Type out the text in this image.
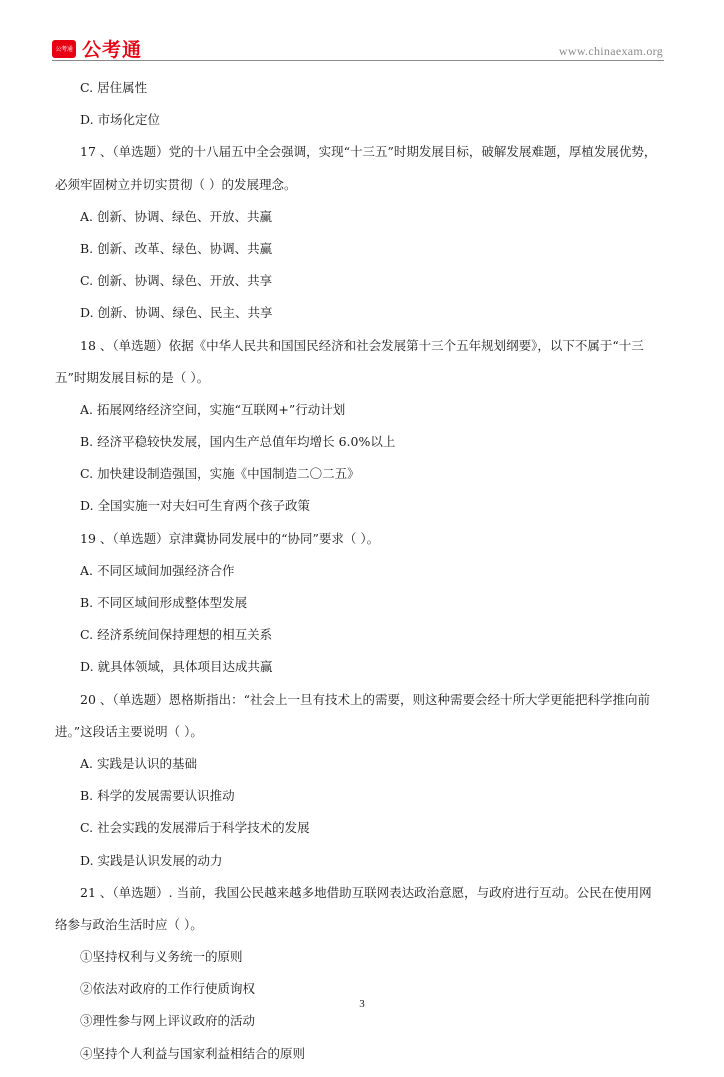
公考通 公考通	www.chinaexam.org
C. 居住属性
D. 市场化定位
17 、（单选题）党的十八届五中全会强调，实现“十三五”时期发展目标，破解发展难题，厚植发展优势，
必须牢固树立并切实贯彻（ ）的发展理念。
A. 创新、协调、绿色、开放、共赢
B. 创新、改革、绿色、协调、共赢
C. 创新、协调、绿色、开放、共享
D. 创新、协调、绿色、民主、共享
18 、（单选题）依据《中华人民共和国国民经济和社会发展第十三个五年规划纲要》，以下不属于“十三
五”时期发展目标的是（ ）。
A. 拓展网络经济空间，实施“互联网+”行动计划
B. 经济平稳较快发展，国内生产总值年均增长 6.0%以上
C. 加快建设制造强国，实施《中国制造二〇二五》
D. 全国实施一对夫妇可生育两个孩子政策
19 、（单选题）京津冀协同发展中的“协同”要求（ ）。
A. 不同区域间加强经济合作
B. 不同区域间形成整体型发展
C. 经济系统间保持理想的相互关系
D. 就具体领域，具体项目达成共赢
20 、（单选题）恩格斯指出：“社会上一旦有技术上的需要，则这种需要会经十所大学更能把科学推向前
进。”这段话主要说明（ ）。
A. 实践是认识的基础
B. 科学的发展需要认识推动
C. 社会实践的发展滞后于科学技术的发展
D. 实践是认识发展的动力
21 、（单选题）. 当前，我国公民越来越多地借助互联网表达政治意愿，与政府进行互动。公民在使用网
络参与政治生活时应（ ）。
①坚持权利与义务统一的原则
②依法对政府的工作行使质询权
③理性参与网上评议政府的活动
④坚持个人利益与国家利益相结合的原则
3
